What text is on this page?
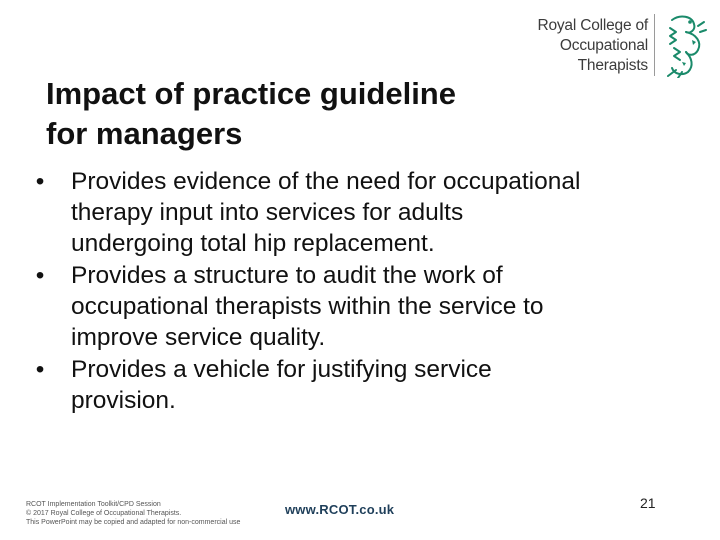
Royal College of
Occupational
Therapists
Impact of practice guideline
for managers
•	Provides evidence of the need for occupational
therapy input into services for adults
undergoing total hip replacement.
•	Provides a structure to audit the work of
occupational therapists within the service to
improve service quality.
•	Provides a vehicle for justifying service
provision.
RCOT Implementation Toolkit/CPD Session
© 2017 Royal College of Occupational Therapists.
This PowerPoint may be copied and adapted for non-commercial use
www.RCOT.co.uk	21
